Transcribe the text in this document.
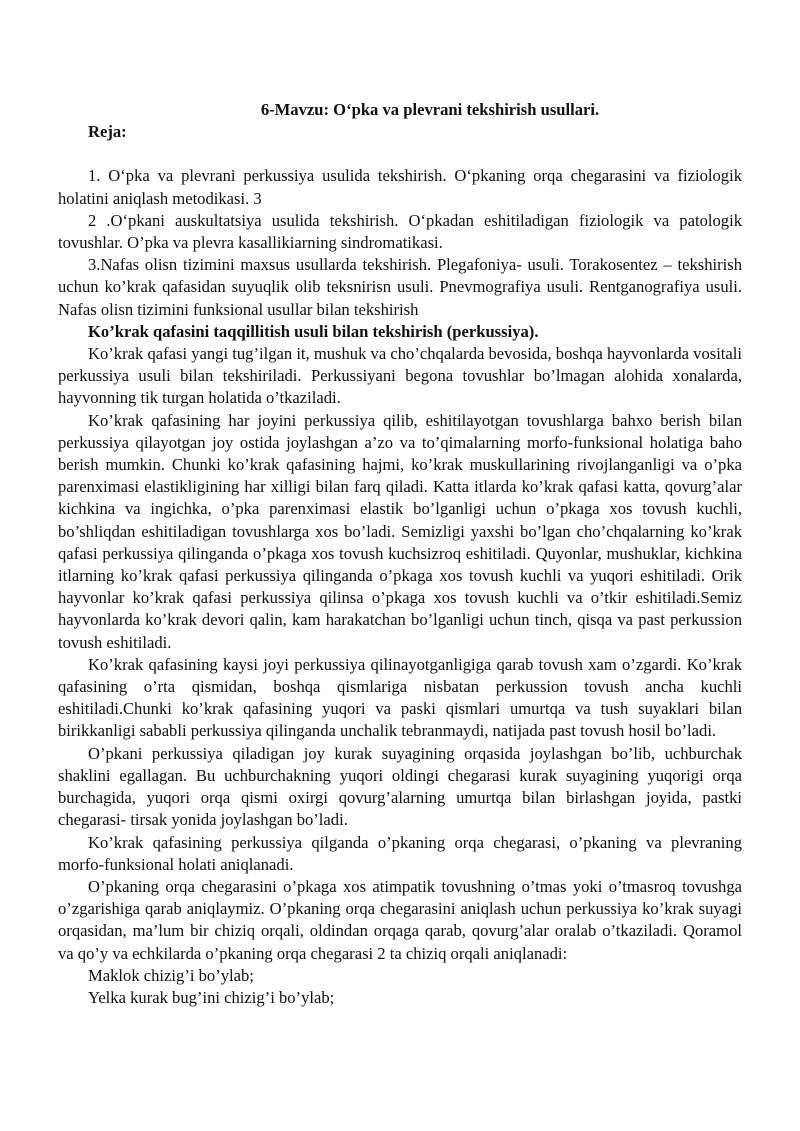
6-Mavzu: O‘pka va plevrani tekshirish usullari.

Reja:

1. O‘pka va plevrani perkussiya usulida tekshirish. O‘pkaning orqa chegarasini va fiziologik holatini aniqlash metodikasi. 3

2 .O‘pkani auskultatsiya usulida tekshirish. O‘pkadan eshitiladigan fiziologik va patologik tovushlar. O’pka va plevra kasallikiarning sindromatikasi.

3.Nafas olisn tizimini maxsus usullarda tekshirish. Plegafoniya- usuli. Torakosentez – tekshirish uchun ko’krak qafasidan suyuqlik olib teksnirisn usuli. Pnevmografiya usuli. Rentganografiya usuli. Nafas olisn tizimini funksional usullar bilan tekshirish

Ko’krak qafasini taqqillitish usuli bilan tekshirish (perkussiya).

Ko’krak qafasi yangi tug’ilgan it, mushuk va cho’chqalarda bevosida, boshqa hayvonlarda vositali perkussiya usuli bilan tekshiriladi. Perkussiyani begona tovushlar bo’lmagan alohida xonalarda, hayvonning tik turgan holatida o’tkaziladi.

Ko’krak qafasining har joyini perkussiya qilib, eshitilayotgan tovushlarga bahxo berish bilan perkussiya qilayotgan joy ostida joylashgan a’zo va to’qimalarning morfo-funksional holatiga baho berish mumkin. Chunki ko’krak qafasining hajmi, ko’krak muskullarining rivojlanganligi va o’pka parenximasi elastikligining har xilligi bilan farq qiladi. Katta itlarda ko’krak qafasi katta, qovurg’alar kichkina va ingichka, o’pka parenximasi elastik bo’lganligi uchun o’pkaga xos tovush kuchli, bo’shliqdan eshitiladigan tovushlarga xos bo’ladi. Semizligi yaxshi bo’lgan cho’chqalarning ko’krak qafasi perkussiya qilinganda o’pkaga xos tovush kuchsizroq eshitiladi. Quyonlar, mushuklar, kichkina itlarning ko’krak qafasi perkussiya qilinganda o’pkaga xos tovush kuchli va yuqori eshitiladi. Orik hayvonlar ko’krak qafasi perkussiya qilinsa o’pkaga xos tovush kuchli va o’tkir eshitiladi.Semiz hayvonlarda ko’krak devori qalin, kam harakatchan bo’lganligi uchun tinch, qisqa va past perkussion tovush eshitiladi.

Ko’krak qafasining kaysi joyi perkussiya qilinayotganligiga qarab tovush xam o’zgardi. Ko’krak qafasining o’rta qismidan, boshqa qismlariga nisbatan perkussion tovush ancha kuchli eshitiladi.Chunki ko’krak qafasining yuqori va paski qismlari umurtqa va tush suyaklari bilan birikkanligi sababli perkussiya qilinganda unchalik tebranmaydi, natijada past tovush hosil bo’ladi.

O’pkani perkussiya qiladigan joy kurak suyagining orqasida joylashgan bo’lib, uchburchak shaklini egallagan. Bu uchburchakning yuqori oldingi chegarasi kurak suyagining yuqorigi orqa burchagida, yuqori orqa qismi oxirgi qovurg’alarning umurtqa bilan birlashgan joyida, pastki chegarasi- tirsak yonida joylashgan bo’ladi.

Ko’krak qafasining perkussiya qilganda o’pkaning orqa chegarasi, o’pkaning va plevraning morfo-funksional holati aniqlanadi.

O’pkaning orqa chegarasini o’pkaga xos atimpatik tovushning o’tmas yoki o’tmasroq tovushga o’zgarishiga qarab aniqlaymiz. O’pkaning orqa chegarasini aniqlash uchun perkussiya ko’krak suyagi orqasidan, ma’lum bir chiziq orqali, oldindan orqaga qarab, qovurg’alar oralab o’tkaziladi. Qoramol va qo’y va echkilarda o’pkaning orqa chegarasi 2 ta chiziq orqali aniqlanadi:

Maklok chizig’i bo’ylab;

Yelka kurak bug’ini chizig’i bo’ylab;
